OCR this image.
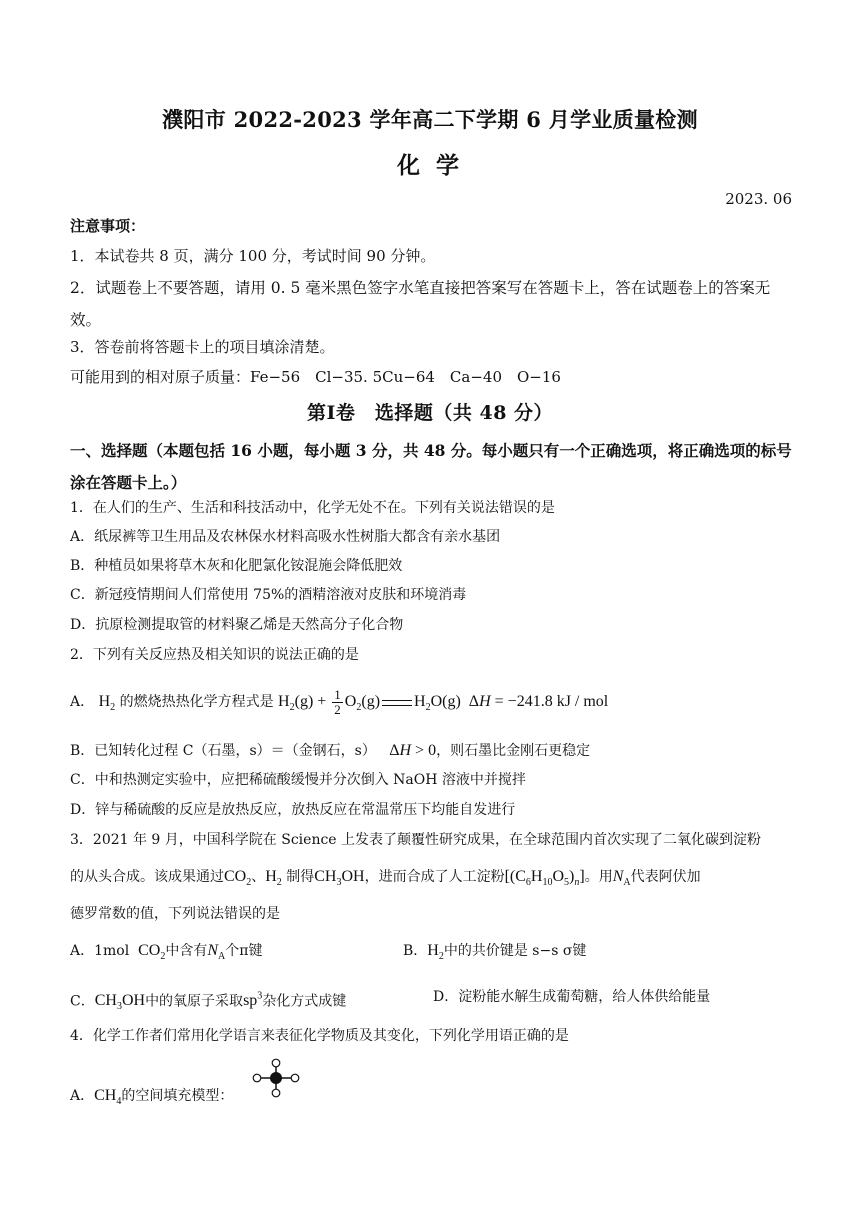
濮阳市 2022-2023 学年高二下学期 6 月学业质量检测
化 学
2023. 06
注意事项：
1．本试卷共 8 页，满分 100 分，考试时间 90 分钟。
2．试题卷上不要答题，请用 0. 5 毫米黑色签字水笔直接把答案写在答题卡上，答在试题卷上的答案无效。
3．答卷前将答题卡上的项目填涂清楚。
可能用到的相对原子质量：Fe−56　Cl−35. 5Cu−64　Ca−40　O−16
第Ⅰ卷　选择题（共 48 分）
一、选择题（本题包括 16 小题，每小题 3 分，共 48 分。每小题只有一个正确选项，将正确选项的标号涂在答题卡上。）
1．在人们的生产、生活和科技活动中，化学无处不在。下列有关说法错误的是
A．纸尿裤等卫生用品及农林保水材料高吸水性树脂大都含有亲水基团
B．种植员如果将草木灰和化肥氯化铵混施会降低肥效
C．新冠疫情期间人们常使用 75%的酒精溶液对皮肤和环境消毒
D．抗原检测提取管的材料聚乙烯是天然高分子化合物
2．下列有关反应热及相关知识的说法正确的是
A． $H_2$ 的燃烧热热化学方程式是 $H_2(g) + \frac{1}{2} O_2(g)$ $H_2O(g) \Delta H = -241.8$ kJ / mol
B．已知转化过程 C（石墨，s）＝（金钢石，s） ΔH > 0，则石墨比金刚石更稳定
C．中和热测定实验中，应把稀硫酸缓慢并分次倒入 NaOH 溶液中并搅拌
D．锌与稀硫酸的反应是放热反应，放热反应在常温常压下均能自发进行
3．2021 年 9 月，中国科学院在 Science 上发表了颠覆性研究成果，在全球范围内首次实现了二氧化碳到淀粉
的从头合成。该成果通过$CO_2$、$H_2$ 制得$CH_3OH$，进而合成了人工淀粉$[(C_6H_{10}O_5)_n]$。用$N_A$代表阿伏加
德罗常数的值，下列说法错误的是
A．1mol $CO_2$中含有$N_A$个π键	B．$H_2$中的共价键是 s−s σ键
C．$CH_3OH$中的氧原子采取$sp^3$杂化方式成键	D．淀粉能水解生成葡萄糖，给人体供给能量
4．化学工作者们常用化学语言来表征化学物质及其变化，下列化学用语正确的是
A．$CH_4$的空间填充模型：
